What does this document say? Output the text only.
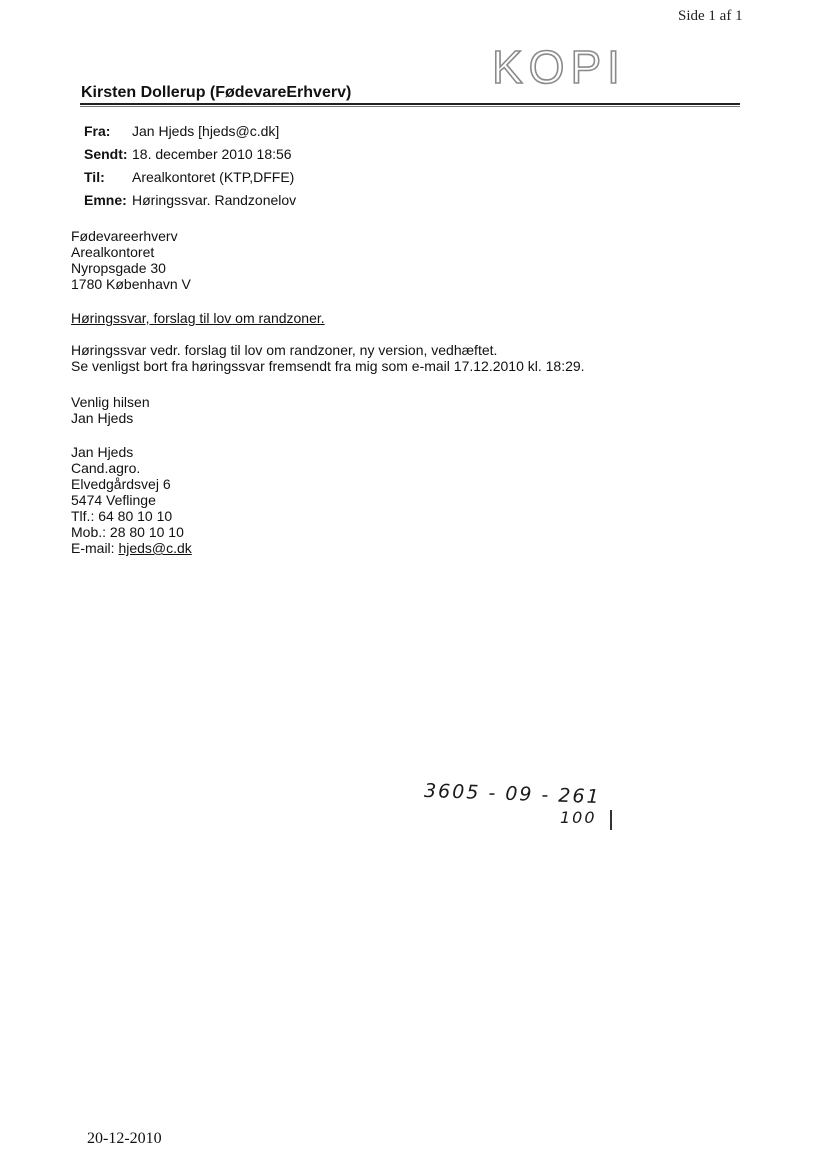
Side 1 af 1
KOPI
Kirsten Dollerup (FødevareErhverv)
Fra:	Jan Hjeds [hjeds@c.dk]
Sendt: 18. december 2010 18:56
Til:	Arealkontoret (KTP,DFFE)
Emne: Høringssvar. Randzonelov
Fødevareerhverv
Arealkontoret
Nyropsgade 30
1780 København V
Høringssvar, forslag til lov om randzoner.
Høringssvar vedr. forslag til lov om randzoner, ny version, vedhæftet.
Se venligst bort fra høringssvar fremsendt fra mig som e-mail 17.12.2010 kl. 18:29.
Venlig hilsen
Jan Hjeds
Jan Hjeds
Cand.agro.
Elvedgårdsvej 6
5474 Veflinge
Tlf.: 64 80 10 10
Mob.: 28 80 10 10
E-mail: hjeds@c.dk
3605 - 09 - 261
100
20-12-2010
